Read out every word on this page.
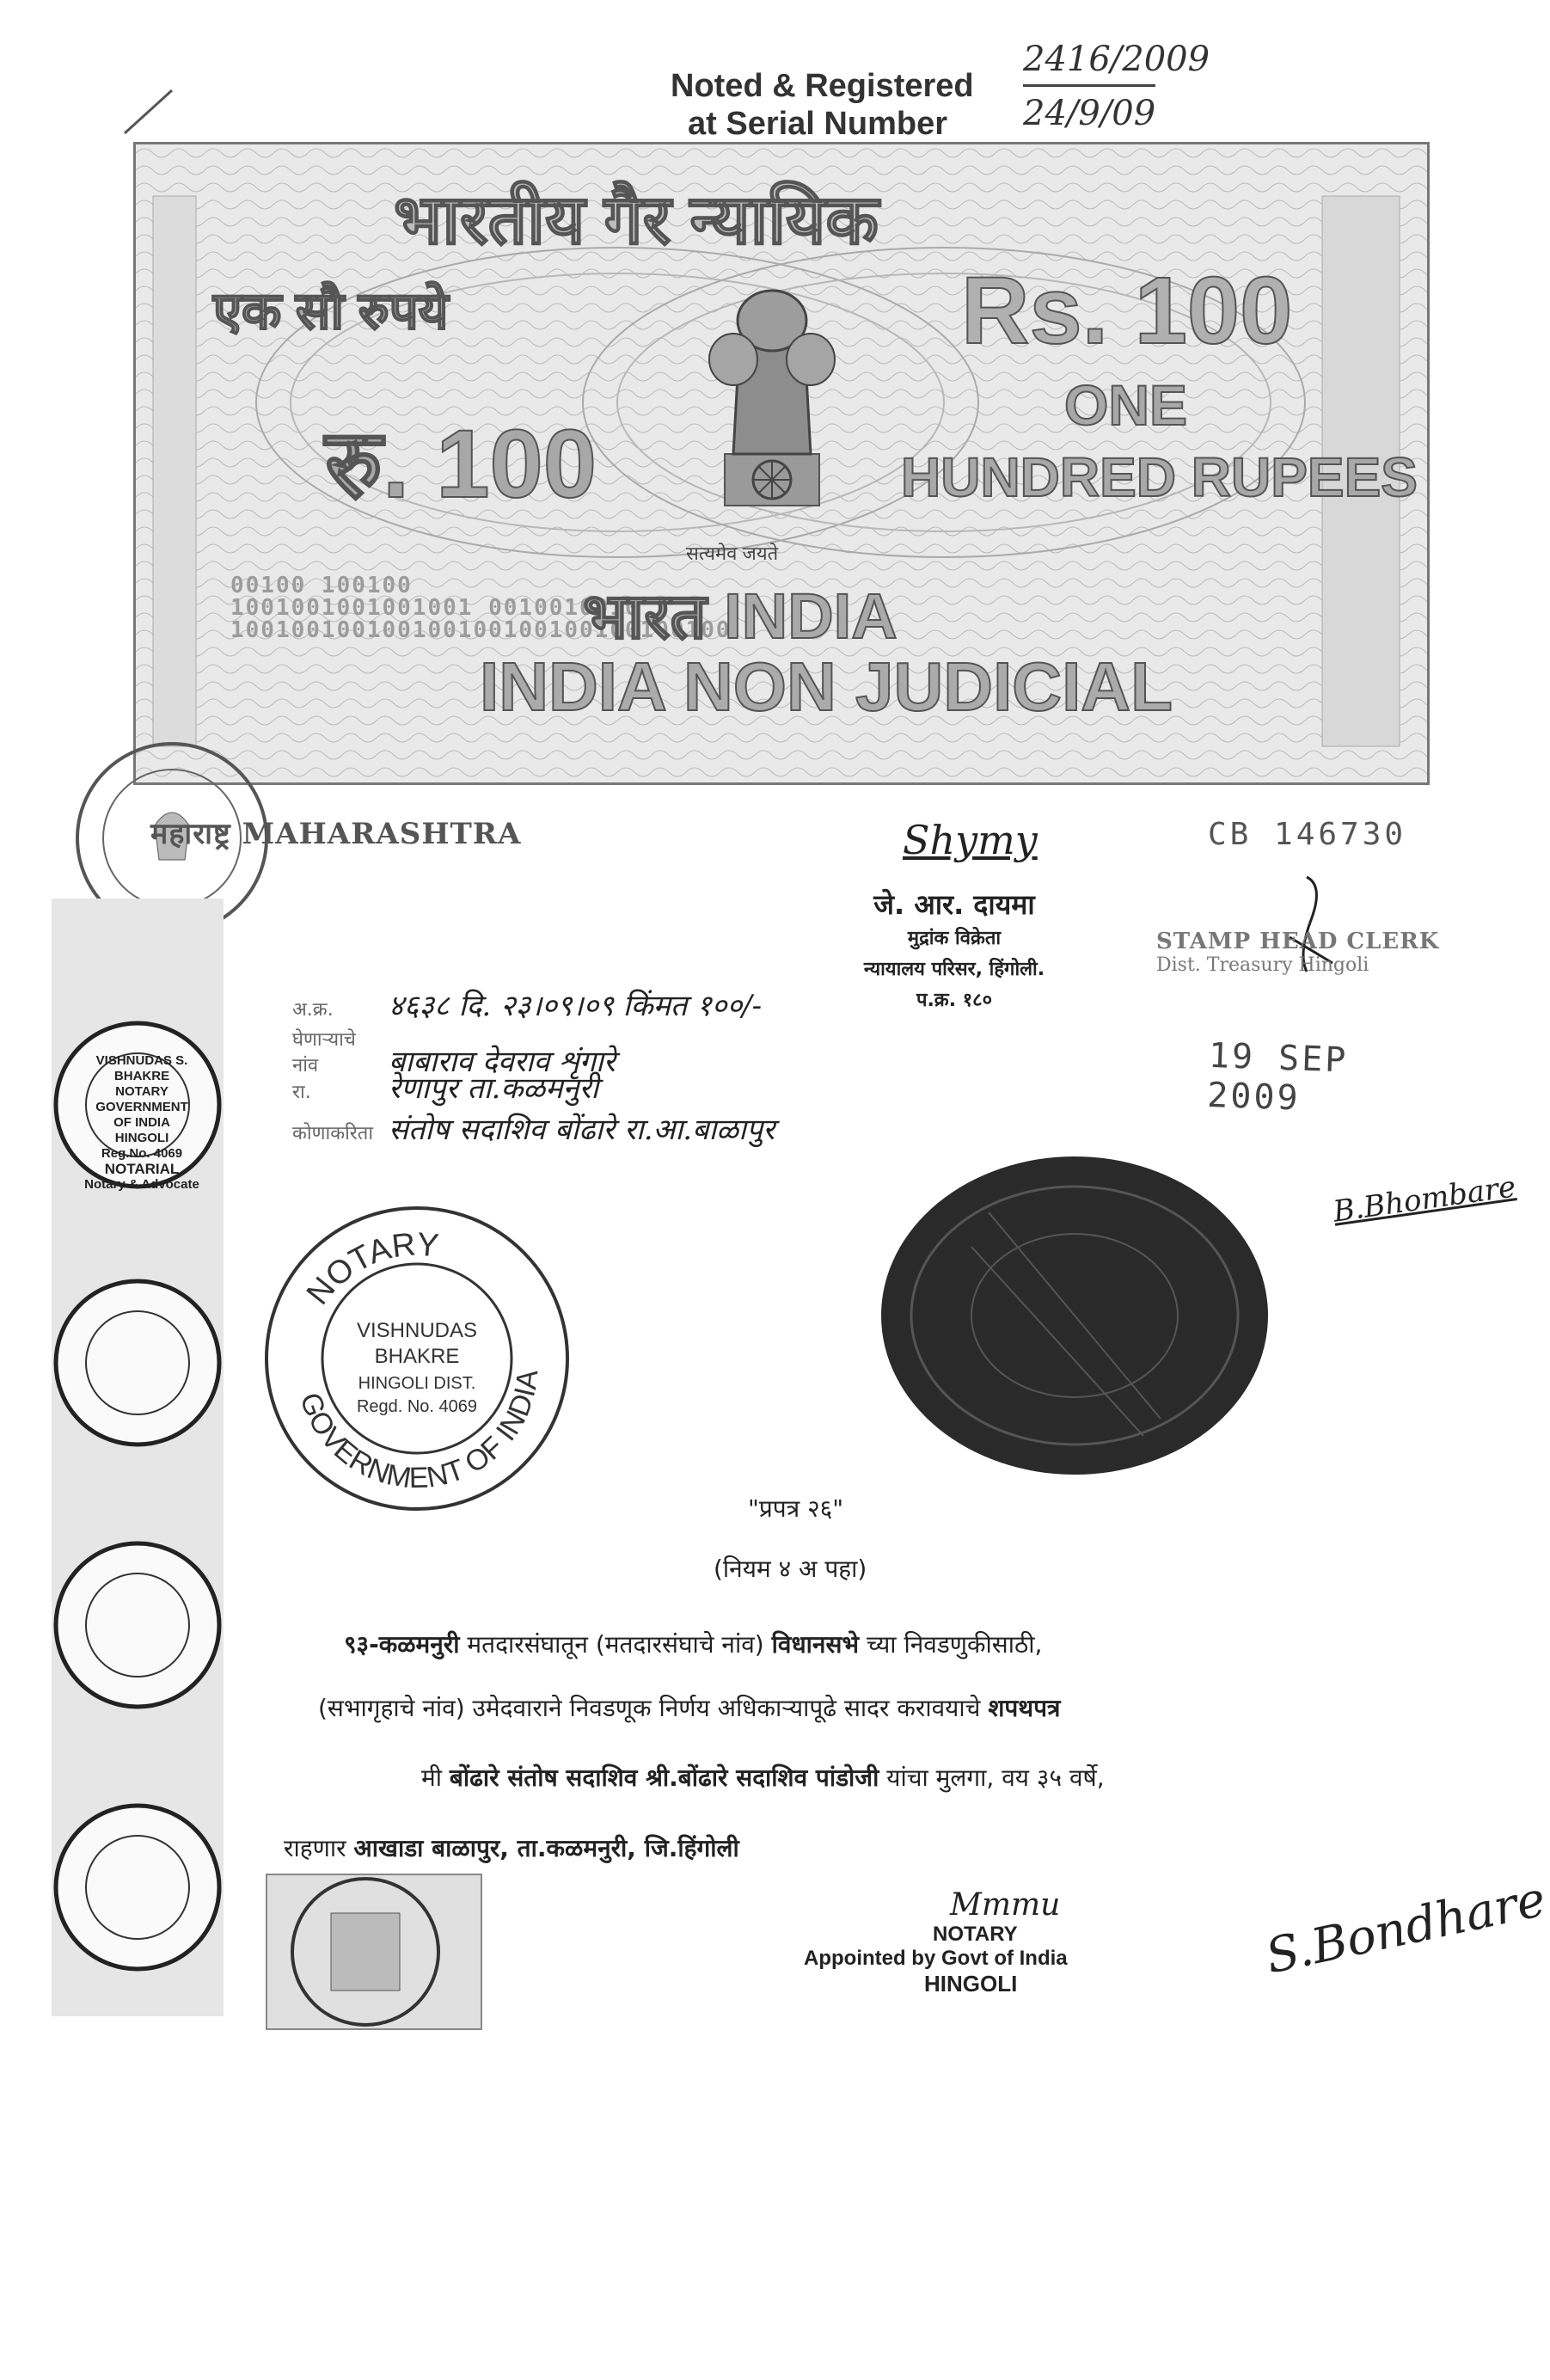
Noted & Registered
at Serial Number
2416/2009
24/9/09
भारतीय गैर न्यायिक
एक सौ रुपये	Rs. 100
रु. 100
ONE
HUNDRED RUPEES
सत्यमेव जयते
00100 100100
1001001001001001 0010010010
100100100100100100100100100100100
भारत INDIA
INDIA NON JUDICIAL
महाराष्ट्र MAHARASHTRA	CB 146730
Shymy
जे. आर. दायमा
मुद्रांक विक्रेता
न्यायालय परिसर, हिंगोली.
प.क्र. १८०
STAMP HEAD CLERK
Dist. Treasury Hingoli
19 SEP 2009
अ.क्र. ४६३८ दि. २३।०९।०९ किंमत १००/-
घेणाऱ्याचे नांव बाबाराव देवराव शृंगारे
रा.	रेणापुर ता.कळमनुरी
कोणाकरिता संतोष सदाशिव बोंढारे रा.आ.बाळापुर
B.Bhombare
NOTARY
GOVERNMENT OF INDIA
VISHNUDAS
BHAKRE
HINGOLI DIST.
Regd. No. 4069
VISHNUDAS S. BHAKRE
NOTARY
GOVERNMENT
OF INDIA
HINGOLI
Reg.No. 4069
NOTARIAL
Notary & Advocate
"प्रपत्र २६"
(नियम ४ अ पहा)
९३-कळमनुरी मतदारसंघातून (मतदारसंघाचे नांव) विधानसभे च्या निवडणुकीसाठी,
(सभागृहाचे नांव) उमेदवाराने निवडणूक निर्णय अधिकाऱ्यापूढे सादर करावयाचे शपथपत्र
मी बोंढारे संतोष सदाशिव श्री.बोंढारे सदाशिव पांडोजी यांचा मुलगा, वय ३५ वर्षे,
राहणार आखाडा बाळापुर, ता.कळमनुरी, जि.हिंगोली
Mmmu
NOTARY
Appointed by Govt of India
HINGOLI	S.Bondhare
